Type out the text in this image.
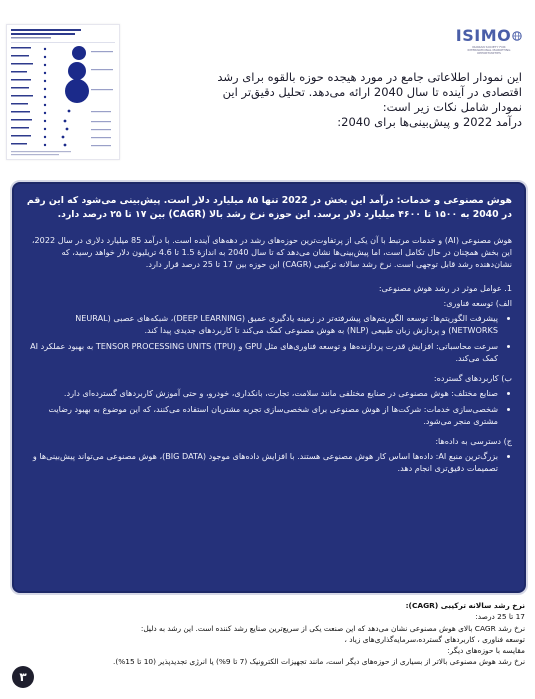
ISIMO
IRANIAN SOCIETY FOR INTERNATIONAL MARKETING OPPORTUNITIES

این نمودار اطلاعاتی جامع در مورد هیجده حوزه بالقوه برای رشد

اقتصادی در آینده تا سال 2040 ارائه می‌دهد. تحلیل دقیق‌تر این

نمودار شامل نکات زیر است:

درآمد 2022 و پیش‌بینی‌ها برای 2040:

هوش مصنوعی و خدمات: درآمد این بخش در 2022 تنها ۸۵ میلیارد دلار است. پیش‌بینی می‌شود که این رقم در 2040 به ۱۵۰۰ تا ۴۶۰۰ میلیارد دلار برسد. این حوزه نرخ رشد بالا (CAGR) بین ۱۷ تا ۲۵ درصد دارد.

هوش مصنوعی (AI) و خدمات مرتبط با آن یکی از پرتفاوت‌ترین حوزه‌های رشد در دهه‌های آینده است. با درآمد 85 میلیارد دلاری در سال 2022، این بخش همچنان در حال تکامل است، اما پیش‌بینی‌ها نشان می‌دهد که تا سال 2040 به اندازهٔ 1.5 تا 4.6 تریلیون دلار خواهد رسید، که نشان‌دهنده رشد قابل توجهی است. نرخ رشد سالانه ترکیبی (CAGR) این حوزه بین 17 تا 25 درصد قرار دارد.

1. عوامل موثر در رشد هوش مصنوعی:

الف) توسعه فناوری:

• پیشرفت الگوریتم‌ها: توسعه الگوریتم‌های پیشرفته‌تر در زمینه یادگیری عمیق (DEEP LEARNING)، شبکه‌های عصبی (NEURAL NETWORKS) و پردازش زبان طبیعی (NLP) به هوش مصنوعی کمک می‌کند تا کاربردهای جدیدی پیدا کند.
• سرعت محاسباتی: افزایش قدرت پردازنده‌ها و توسعه فناوری‌های مثل GPU و TENSOR PROCESSING UNITS (TPU) به بهبود عملکرد AI کمک می‌کند.

ب) کاربردهای گسترده:

• صنایع مختلف: هوش مصنوعی در صنایع مختلفی مانند سلامت، تجارت، بانکداری، خودرو، و حتی آموزش کاربردهای گسترده‌ای دارد.
• شخصی‌سازی خدمات: شرکت‌ها از هوش مصنوعی برای شخصی‌سازی تجربه مشتریان استفاده می‌کنند، که این موضوع به بهبود رضایت مشتری منجر می‌شود.

ج) دسترسی به داده‌ها:

• بزرگ‌ترین منبع AI: داده‌ها اساس کار هوش مصنوعی هستند. با افزایش داده‌های موجود (BIG DATA)، هوش مصنوعی می‌تواند پیش‌بینی‌ها و تصمیمات دقیق‌تری انجام دهد.

نرخ رشد سالانه ترکیبی (CAGR):

17 تا 25 درصد:

نرخ رشد CAGR بالای هوش مصنوعی نشان می‌دهد که این صنعت یکی از سریع‌ترین صنایع رشد کننده است. این رشد به دلیل:

توسعه فناوری ، کاربردهای گسترده،سرمایه‌گذاری‌های زیاد ،

مقایسه با حوزه‌های دیگر:

نرخ رشد هوش مصنوعی بالاتر از بسیاری از حوزه‌های دیگر است، مانند تجهیزات الکترونیک (7 تا 9%) یا انرژی تجدیدپذیر (10 تا 15%).

۳
